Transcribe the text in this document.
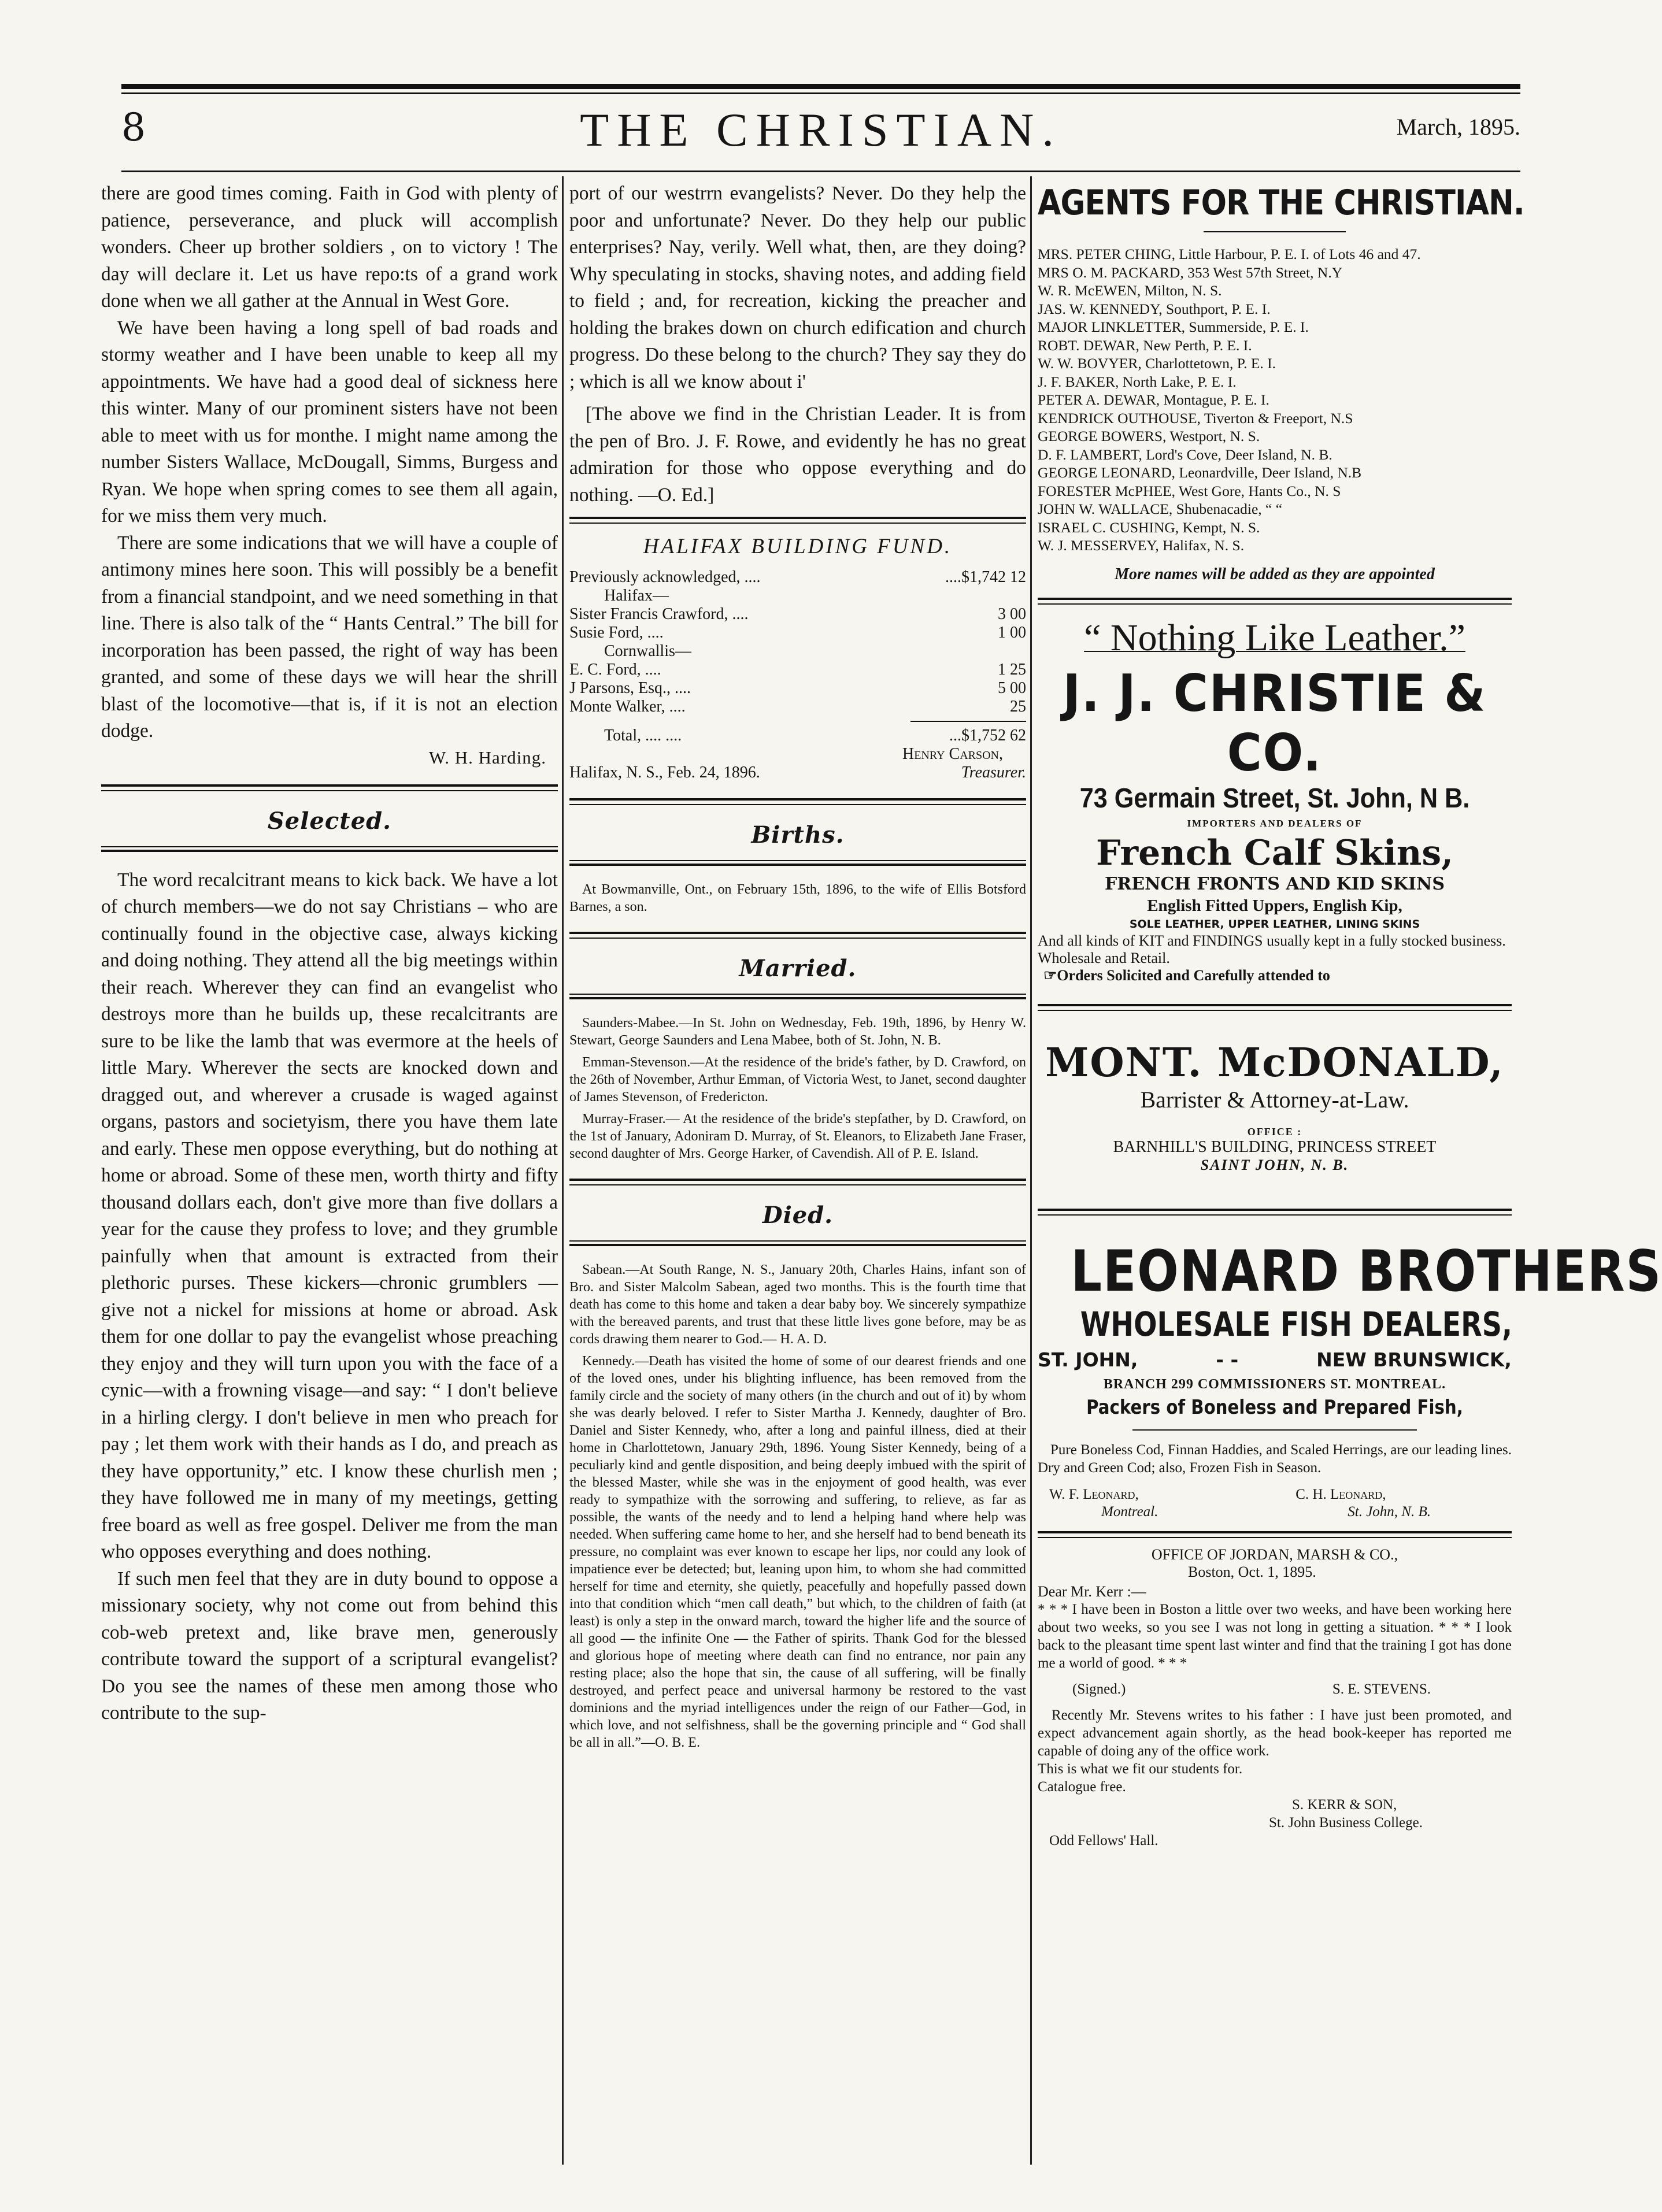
8	THE CHRISTIAN.	March, 1895.

there are good times coming. Faith in God with plenty of patience, perseverance, and pluck will accomplish wonders. Cheer up brother soldiers , on to victory ! The day will declare it. Let us have repo:ts of a grand work done when we all gather at the Annual in West Gore.

We have been having a long spell of bad roads and stormy weather and I have been unable to keep all my appointments. We have had a good deal of sickness here this winter. Many of our prominent sisters have not been able to meet with us for monthe. I might name among the number Sisters Wallace, McDougall, Simms, Burgess and Ryan. We hope when spring comes to see them all again, for we miss them very much.

There are some indications that we will have a couple of antimony mines here soon. This will possibly be a benefit from a financial standpoint, and we need something in that line. There is also talk of the “ Hants Central.” The bill for incorporation has been passed, the right of way has been granted, and some of these days we will hear the shrill blast of the locomotive—that is, if it is not an election dodge.

W. H. Harding.
Selected.

The word recalcitrant means to kick back. We have a lot of church members—we do not say Christians – who are continually found in the objective case, always kicking and doing nothing. They attend all the big meetings within their reach. Wherever they can find an evangelist who destroys more than he builds up, these recalcitrants are sure to be like the lamb that was evermore at the heels of little Mary. Wherever the sects are knocked down and dragged out, and wherever a crusade is waged against organs, pastors and societyism, there you have them late and early. These men oppose everything, but do nothing at home or abroad. Some of these men, worth thirty and fifty thousand dollars each, don't give more than five dollars a year for the cause they profess to love; and they grumble painfully when that amount is extracted from their plethoric purses. These kickers—chronic grumblers —give not a nickel for missions at home or abroad. Ask them for one dollar to pay the evangelist whose preaching they enjoy and they will turn upon you with the face of a cynic—with a frowning visage—and say: “ I don't believe in a hirling clergy. I don't believe in men who preach for pay ; let them work with their hands as I do, and preach as they have opportunity,” etc. I know these churlish men ; they have followed me in many of my meetings, getting free board as well as free gospel. Deliver me from the man who opposes everything and does nothing.

If such men feel that they are in duty bound to oppose a missionary society, why not come out from behind this cob-web pretext and, like brave men, generously contribute toward the support of a scriptural evangelist? Do you see the names of these men among those who contribute to the sup-

port of our westrrn evangelists? Never. Do they help the poor and unfortunate? Never. Do they help our public enterprises? Nay, verily. Well what, then, are they doing? Why speculating in stocks, shaving notes, and adding field to field ; and, for recreation, kicking the preacher and holding the brakes down on church edification and church progress. Do these belong to the church? They say they do ; which is all we know about i'

[The above we find in the Christian Leader. It is from the pen of Bro. J. F. Rowe, and evidently he has no great admiration for those who oppose everything and do nothing. —O. Ed.]

HALIFAX BUILDING FUND.
Previously acknowledged, ....	....$1,742 12
Halifax—
Sister Francis Crawford, ....	3 00
Susie Ford, ....	1 00
Cornwallis—
E. C. Ford, ....	1 25
J Parsons, Esq., ....	5 00
Monte Walker, ....	25
Total, .... ....	...$1,752 62
Henry Carson,
Halifax, N. S., Feb. 24, 1896.	Treasurer.
Births.

At Bowmanville, Ont., on February 15th, 1896, to the wife of Ellis Botsford Barnes, a son.

Married.

Saunders-Mabee.—In St. John on Wednesday, Feb. 19th, 1896, by Henry W. Stewart, George Saunders and Lena Mabee, both of St. John, N. B.

Emman-Stevenson.—At the residence of the bride's father, by D. Crawford, on the 26th of November, Arthur Emman, of Victoria West, to Janet, second daughter of James Stevenson, of Fredericton.

Murray-Fraser.— At the residence of the bride's stepfather, by D. Crawford, on the 1st of January, Adoniram D. Murray, of St. Eleanors, to Elizabeth Jane Fraser, second daughter of Mrs. George Harker, of Cavendish. All of P. E. Island.

Died.

Sabean.—At South Range, N. S., January 20th, Charles Hains, infant son of Bro. and Sister Malcolm Sabean, aged two months. This is the fourth time that death has come to this home and taken a dear baby boy. We sincerely sympathize with the bereaved parents, and trust that these little lives gone before, may be as cords drawing them nearer to God.— H. A. D.

Kennedy.—Death has visited the home of some of our dearest friends and one of the loved ones, under his blighting influence, has been removed from the family circle and the society of many others (in the church and out of it) by whom she was dearly beloved. I refer to Sister Martha J. Kennedy, daughter of Bro. Daniel and Sister Kennedy, who, after a long and painful illness, died at their home in Charlottetown, January 29th, 1896. Young Sister Kennedy, being of a peculiarly kind and gentle disposition, and being deeply imbued with the spirit of the blessed Master, while she was in the enjoyment of good health, was ever ready to sympathize with the sorrowing and suffering, to relieve, as far as possible, the wants of the needy and to lend a helping hand where help was needed. When suffering came home to her, and she herself had to bend beneath its pressure, no complaint was ever known to escape her lips, nor could any look of impatience ever be detected; but, leaning upon him, to whom she had committed herself for time and eternity, she quietly, peacefully and hopefully passed down into that condition which “men call death,” but which, to the children of faith (at least) is only a step in the onward march, toward the higher life and the source of all good — the infinite One — the Father of spirits. Thank God for the blessed and glorious hope of meeting where death can find no entrance, nor pain any resting place; also the hope that sin, the cause of all suffering, will be finally destroyed, and perfect peace and universal harmony be restored to the vast dominions and the myriad intelligences under the reign of our Father—God, in which love, and not selfishness, shall be the governing principle and “ God shall be all in all.”—O. B. E.

AGENTS FOR THE CHRISTIAN.
MRS. PETER CHING, Little Harbour, P. E. I. of Lots 46 and 47.
MRS O. M. PACKARD, 353 West 57th Street, N.Y
W. R. McEWEN, Milton, N. S.
JAS. W. KENNEDY, Southport, P. E. I.
MAJOR LINKLETTER, Summerside, P. E. I.
ROBT. DEWAR, New Perth, P. E. I.
W. W. BOVYER, Charlottetown, P. E. I.
J. F. BAKER, North Lake, P. E. I.
PETER A. DEWAR, Montague, P. E. I.
KENDRICK OUTHOUSE, Tiverton & Freeport, N.S
GEORGE BOWERS, Westport, N. S.
D. F. LAMBERT, Lord's Cove, Deer Island, N. B.
GEORGE LEONARD, Leonardville, Deer Island, N.B
FORESTER McPHEE, West Gore, Hants Co., N. S
JOHN W. WALLACE, Shubenacadie, “ “
ISRAEL C. CUSHING, Kempt, N. S.
W. J. MESSERVEY, Halifax, N. S.
More names will be added as they are appointed
“ Nothing Like Leather.”
J. J. CHRISTIE & CO.
73 Germain Street, St. John, N B.
IMPORTERS AND DEALERS OF
French Calf Skins,
FRENCH FRONTS AND KID SKINS
English Fitted Uppers, English Kip,
SOLE LEATHER, UPPER LEATHER, LINING SKINS
And all kinds of KIT and FINDINGS usually kept in a fully stocked business. Wholesale and Retail.
☞Orders Solicited and Carefully attended to
MONT. McDONALD,
Barrister & Attorney-at-Law.
OFFICE :
BARNHILL'S BUILDING, PRINCESS STREET
SAINT JOHN, N. B.
LEONARD BROTHERS
WHOLESALE FISH DEALERS,
ST. JOHN,	- -	NEW BRUNSWICK,
BRANCH 299 COMMISSIONERS ST. MONTREAL.
Packers of Boneless and Prepared Fish,

Pure Boneless Cod, Finnan Haddies, and Scaled Herrings, are our leading lines. Dry and Green Cod; also, Frozen Fish in Season.

W. F. Leonard,
Montreal.
C. H. Leonard,
St. John, N. B.
OFFICE OF JORDAN, MARSH & CO.,
Boston, Oct. 1, 1895.
Dear Mr. Kerr :—

* * * I have been in Boston a little over two weeks, and have been working here about two weeks, so you see I was not long in getting a situation. * * * I look back to the pleasant time spent last winter and find that the training I got has done me a world of good. * * *

(Signed.)	S. E. STEVENS.

Recently Mr. Stevens writes to his father : I have just been promoted, and expect advancement again shortly, as the head book-keeper has reported me capable of doing any of the office work.

This is what we fit our students for.
Catalogue free.
S. KERR & SON,
St. John Business College.
Odd Fellows' Hall.
